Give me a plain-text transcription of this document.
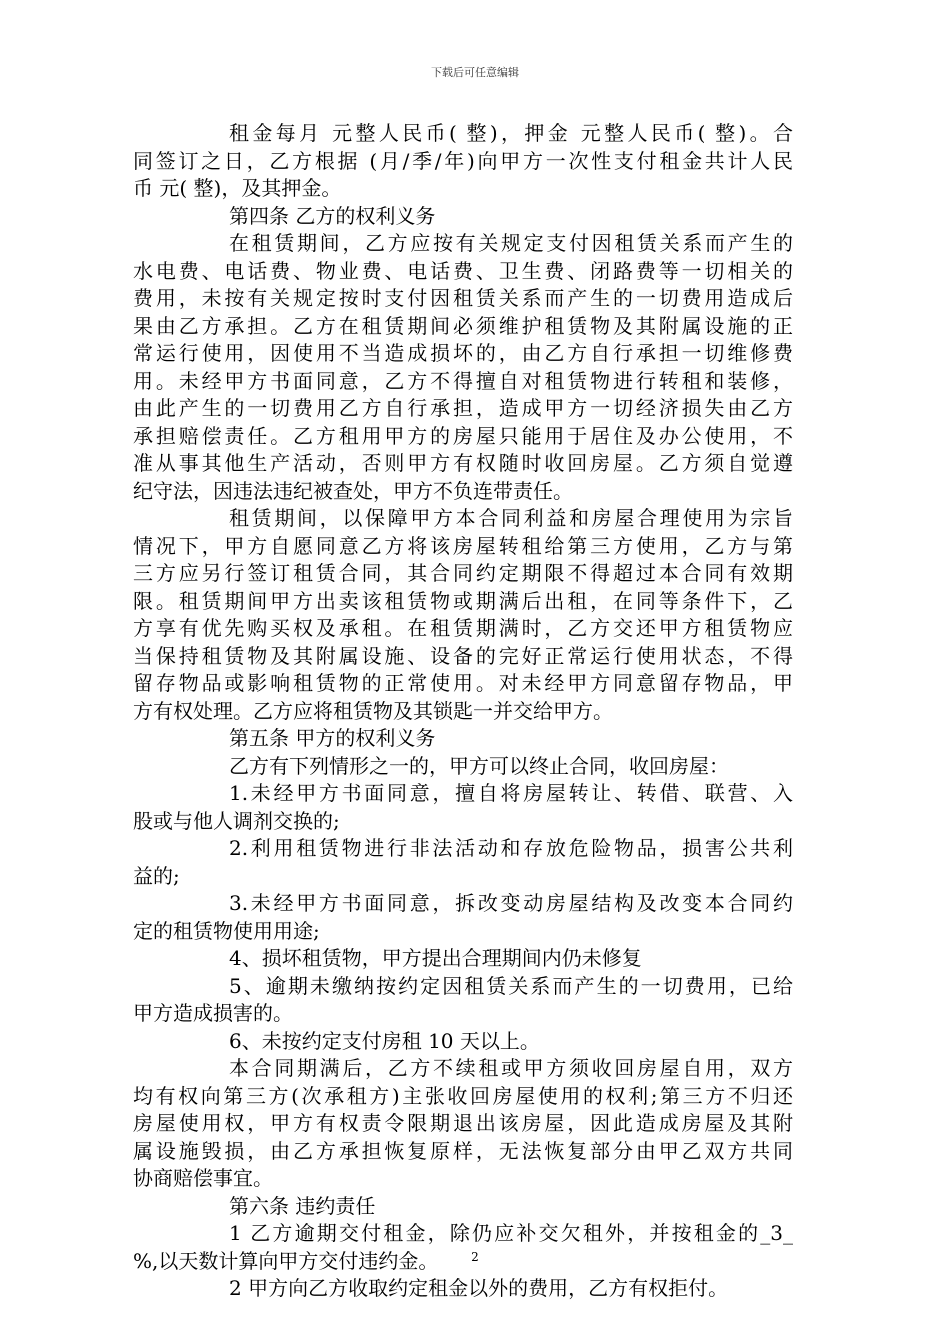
下载后可任意编辑
租金每月 元整人民币( 整)，押金 元整人民币( 整)。合
同签订之日，乙方根据 (月/季/年)向甲方一次性支付租金共计人民
币 元( 整)，及其押金。
第四条 乙方的权利义务
在租赁期间，乙方应按有关规定支付因租赁关系而产生的
水电费、电话费、物业费、电话费、卫生费、闭路费等一切相关的
费用，未按有关规定按时支付因租赁关系而产生的一切费用造成后
果由乙方承担。乙方在租赁期间必须维护租赁物及其附属设施的正
常运行使用，因使用不当造成损坏的，由乙方自行承担一切维修费
用。未经甲方书面同意，乙方不得擅自对租赁物进行转租和装修，
由此产生的一切费用乙方自行承担，造成甲方一切经济损失由乙方
承担赔偿责任。乙方租用甲方的房屋只能用于居住及办公使用，不
准从事其他生产活动，否则甲方有权随时收回房屋。乙方须自觉遵
纪守法，因违法违纪被查处，甲方不负连带责任。
租赁期间，以保障甲方本合同利益和房屋合理使用为宗旨
情况下，甲方自愿同意乙方将该房屋转租给第三方使用，乙方与第
三方应另行签订租赁合同，其合同约定期限不得超过本合同有效期
限。租赁期间甲方出卖该租赁物或期满后出租，在同等条件下，乙
方享有优先购买权及承租。在租赁期满时，乙方交还甲方租赁物应
当保持租赁物及其附属设施、设备的完好正常运行使用状态，不得
留存物品或影响租赁物的正常使用。对未经甲方同意留存物品，甲
方有权处理。乙方应将租赁物及其锁匙一并交给甲方。
第五条 甲方的权利义务
乙方有下列情形之一的，甲方可以终止合同，收回房屋：
1.未经甲方书面同意，擅自将房屋转让、转借、联营、入
股或与他人调剂交换的;
2.利用租赁物进行非法活动和存放危险物品，损害公共利
益的;
3.未经甲方书面同意，拆改变动房屋结构及改变本合同约
定的租赁物使用用途;
4、损坏租赁物，甲方提出合理期间内仍未修复
5、逾期未缴纳按约定因租赁关系而产生的一切费用，已给
甲方造成损害的。
6、未按约定支付房租 10 天以上。
本合同期满后，乙方不续租或甲方须收回房屋自用，双方
均有权向第三方(次承租方)主张收回房屋使用的权利;第三方不归还
房屋使用权，甲方有权责令限期退出该房屋，因此造成房屋及其附
属设施毁损，由乙方承担恢复原样，无法恢复部分由甲乙双方共同
协商赔偿事宜。
第六条 违约责任
1 乙方逾期交付租金，除仍应补交欠租外，并按租金的_3_
%,以天数计算向甲方交付违约金。
2 甲方向乙方收取约定租金以外的费用，乙方有权拒付。
2
